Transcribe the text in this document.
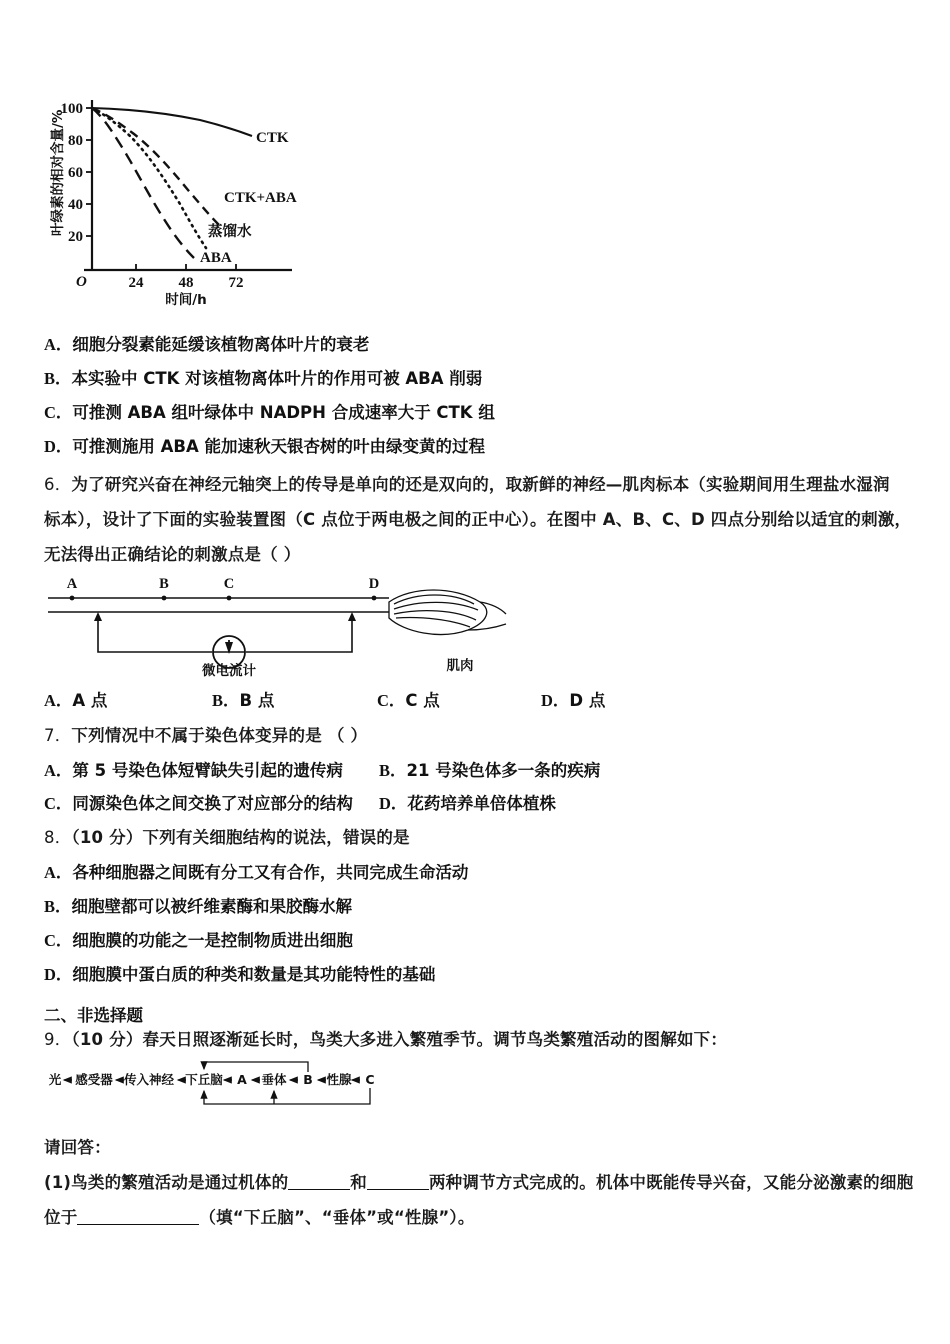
100
80
60
40
20
24 48 72
O
叶绿素的相对含量/%
时间/h
CTK
CTK+ABA
蒸馏水
ABA
A．细胞分裂素能延缓该植物离体叶片的衰老
B．本实验中 CTK 对该植物离体叶片的作用可被 ABA 削弱
C．可推测 ABA 组叶绿体中 NADPH 合成速率大于 CTK 组
D．可推测施用 ABA 能加速秋天银杏树的叶由绿变黄的过程
6．为了研究兴奋在神经元轴突上的传导是单向的还是双向的，取新鲜的神经—肌肉标本（实验期间用生理盐水湿润
标本），设计了下面的实验装置图（C 点位于两电极之间的正中心）。在图中 A、B、C、D 四点分别给以适宜的刺激，
无法得出正确结论的刺激点是（ ）
A	B	C	D
微电流计	肌肉
A．A 点	B．B 点	C．C 点	D．D 点
7．下列情况中不属于染色体变异的是 （ ）
A．第 5 号染色体短臂缺失引起的遗传病 B．21 号染色体多一条的疾病
C．同源染色体之间交换了对应部分的结构 D．花药培养单倍体植株
8．（10 分）下列有关细胞结构的说法，错误的是
A．各种细胞器之间既有分工又有合作，共同完成生命活动
B．细胞壁都可以被纤维素酶和果胶酶水解
C．细胞膜的功能之一是控制物质进出细胞
D．细胞膜中蛋白质的种类和数量是其功能特性的基础
二、非选择题
9．（10 分）春天日照逐渐延长时，鸟类大多进入繁殖季节。调节鸟类繁殖活动的图解如下：
光 感受器 传入神经 下丘脑 A 垂体 B 性腺 C
请回答：
(1)鸟类的繁殖活动是通过机体的	和	两种调节方式完成的。机体中既能传导兴奋，又能分泌激素的细胞
位于	（填“下丘脑”、“垂体”或“性腺”）。
